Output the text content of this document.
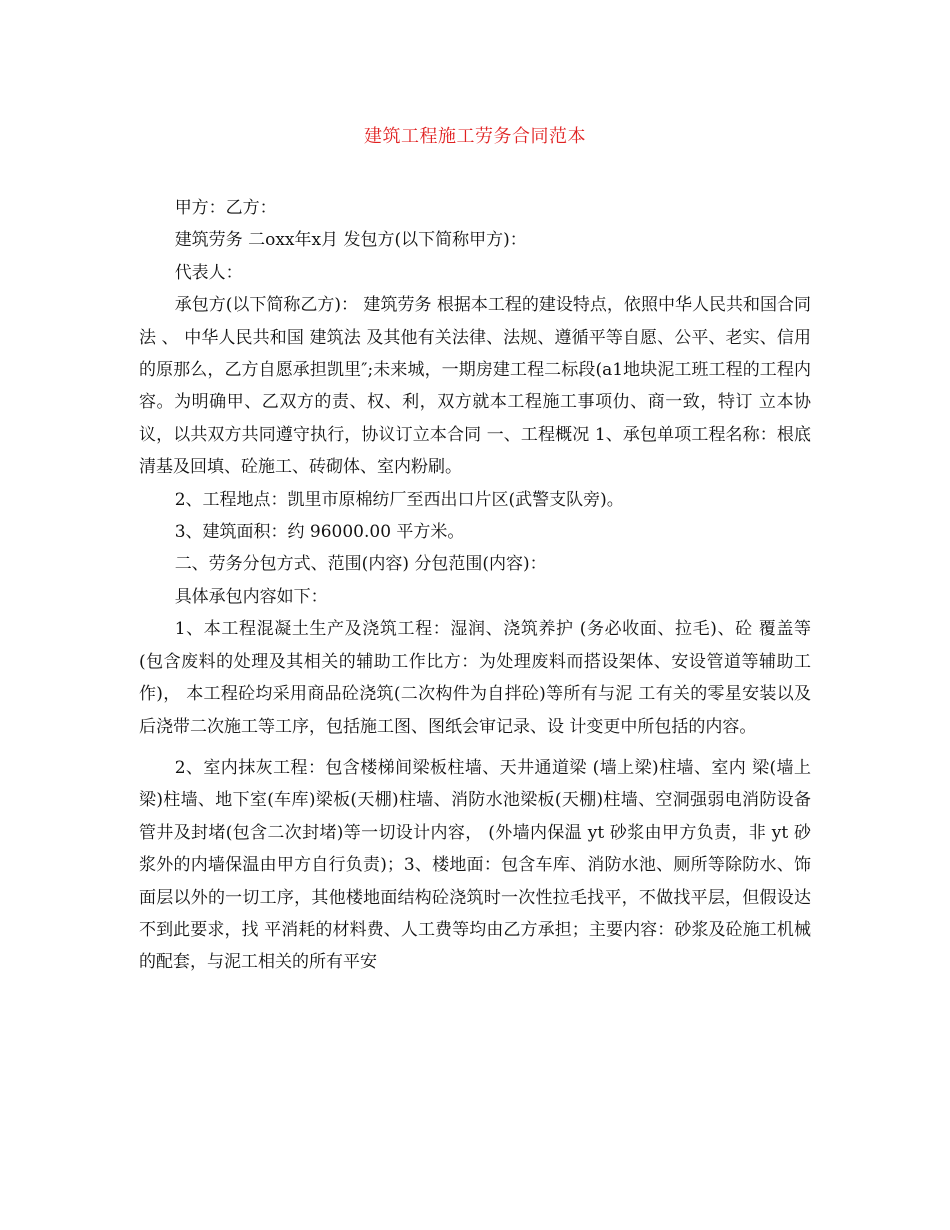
建筑工程施工劳务合同范本

甲方：乙方：

建筑劳务 二oxx年x月 发包方(以下简称甲方)：

代表人：

承包方(以下简称乙方)： 建筑劳务 根据本工程的建设特点，依照中华人民共和国合同法 、 中华人民共和国 建筑法 及其他有关法律、法规、遵循平等自愿、公平、老实、信用的原那么，乙方自愿承担凯里″;未来城，一期房建工程二标段(a1地块泥工班工程的工程内容。为明确甲、乙双方的责、权、利，双方就本工程施工事项仂、商一致，特订 立本协议，以共双方共同遵守执行，协议订立本合同 一、工程概况 1、承包单项工程名称：根底清基及回填、砼施工、砖砌体、室内粉刷。

2、工程地点：凯里市原棉纺厂至西出口片区(武警支队旁)。

3、建筑面积：约 96000.00 平方米。

二、劳务分包方式、范围(内容) 分包范围(内容)：

具体承包内容如下：

1、本工程混凝土生产及浇筑工程：湿润、浇筑养护 (务必收面、拉毛)、砼 覆盖等(包含废料的处理及其相关的辅助工作比方：为处理废料而搭设架体、安设管道等辅助工作)， 本工程砼均采用商品砼浇筑(二次构件为自拌砼)等所有与泥 工有关的零星安装以及后浇带二次施工等工序，包括施工图、图纸会审记录、设 计变更中所包括的内容。

2、室内抹灰工程：包含楼梯间梁板柱墙、天井通道梁 (墙上梁)柱墙、室内 梁(墙上梁)柱墙、地下室(车库)梁板(天棚)柱墙、消防水池梁板(天棚)柱墙、空洞强弱电消防设备管井及封堵(包含二次封堵)等一切设计内容， (外墙内保温 yt 砂浆由甲方负责，非 yt 砂浆外的内墙保温由甲方自行负责)；3、楼地面：包含车库、消防水池、厕所等除防水、饰面层以外的一切工序，其他楼地面结构砼浇筑时一次性拉毛找平，不做找平层，但假设达不到此要求，找 平消耗的材料费、人工费等均由乙方承担；主要内容：砂浆及砼施工机械的配套，与泥工相关的所有平安
